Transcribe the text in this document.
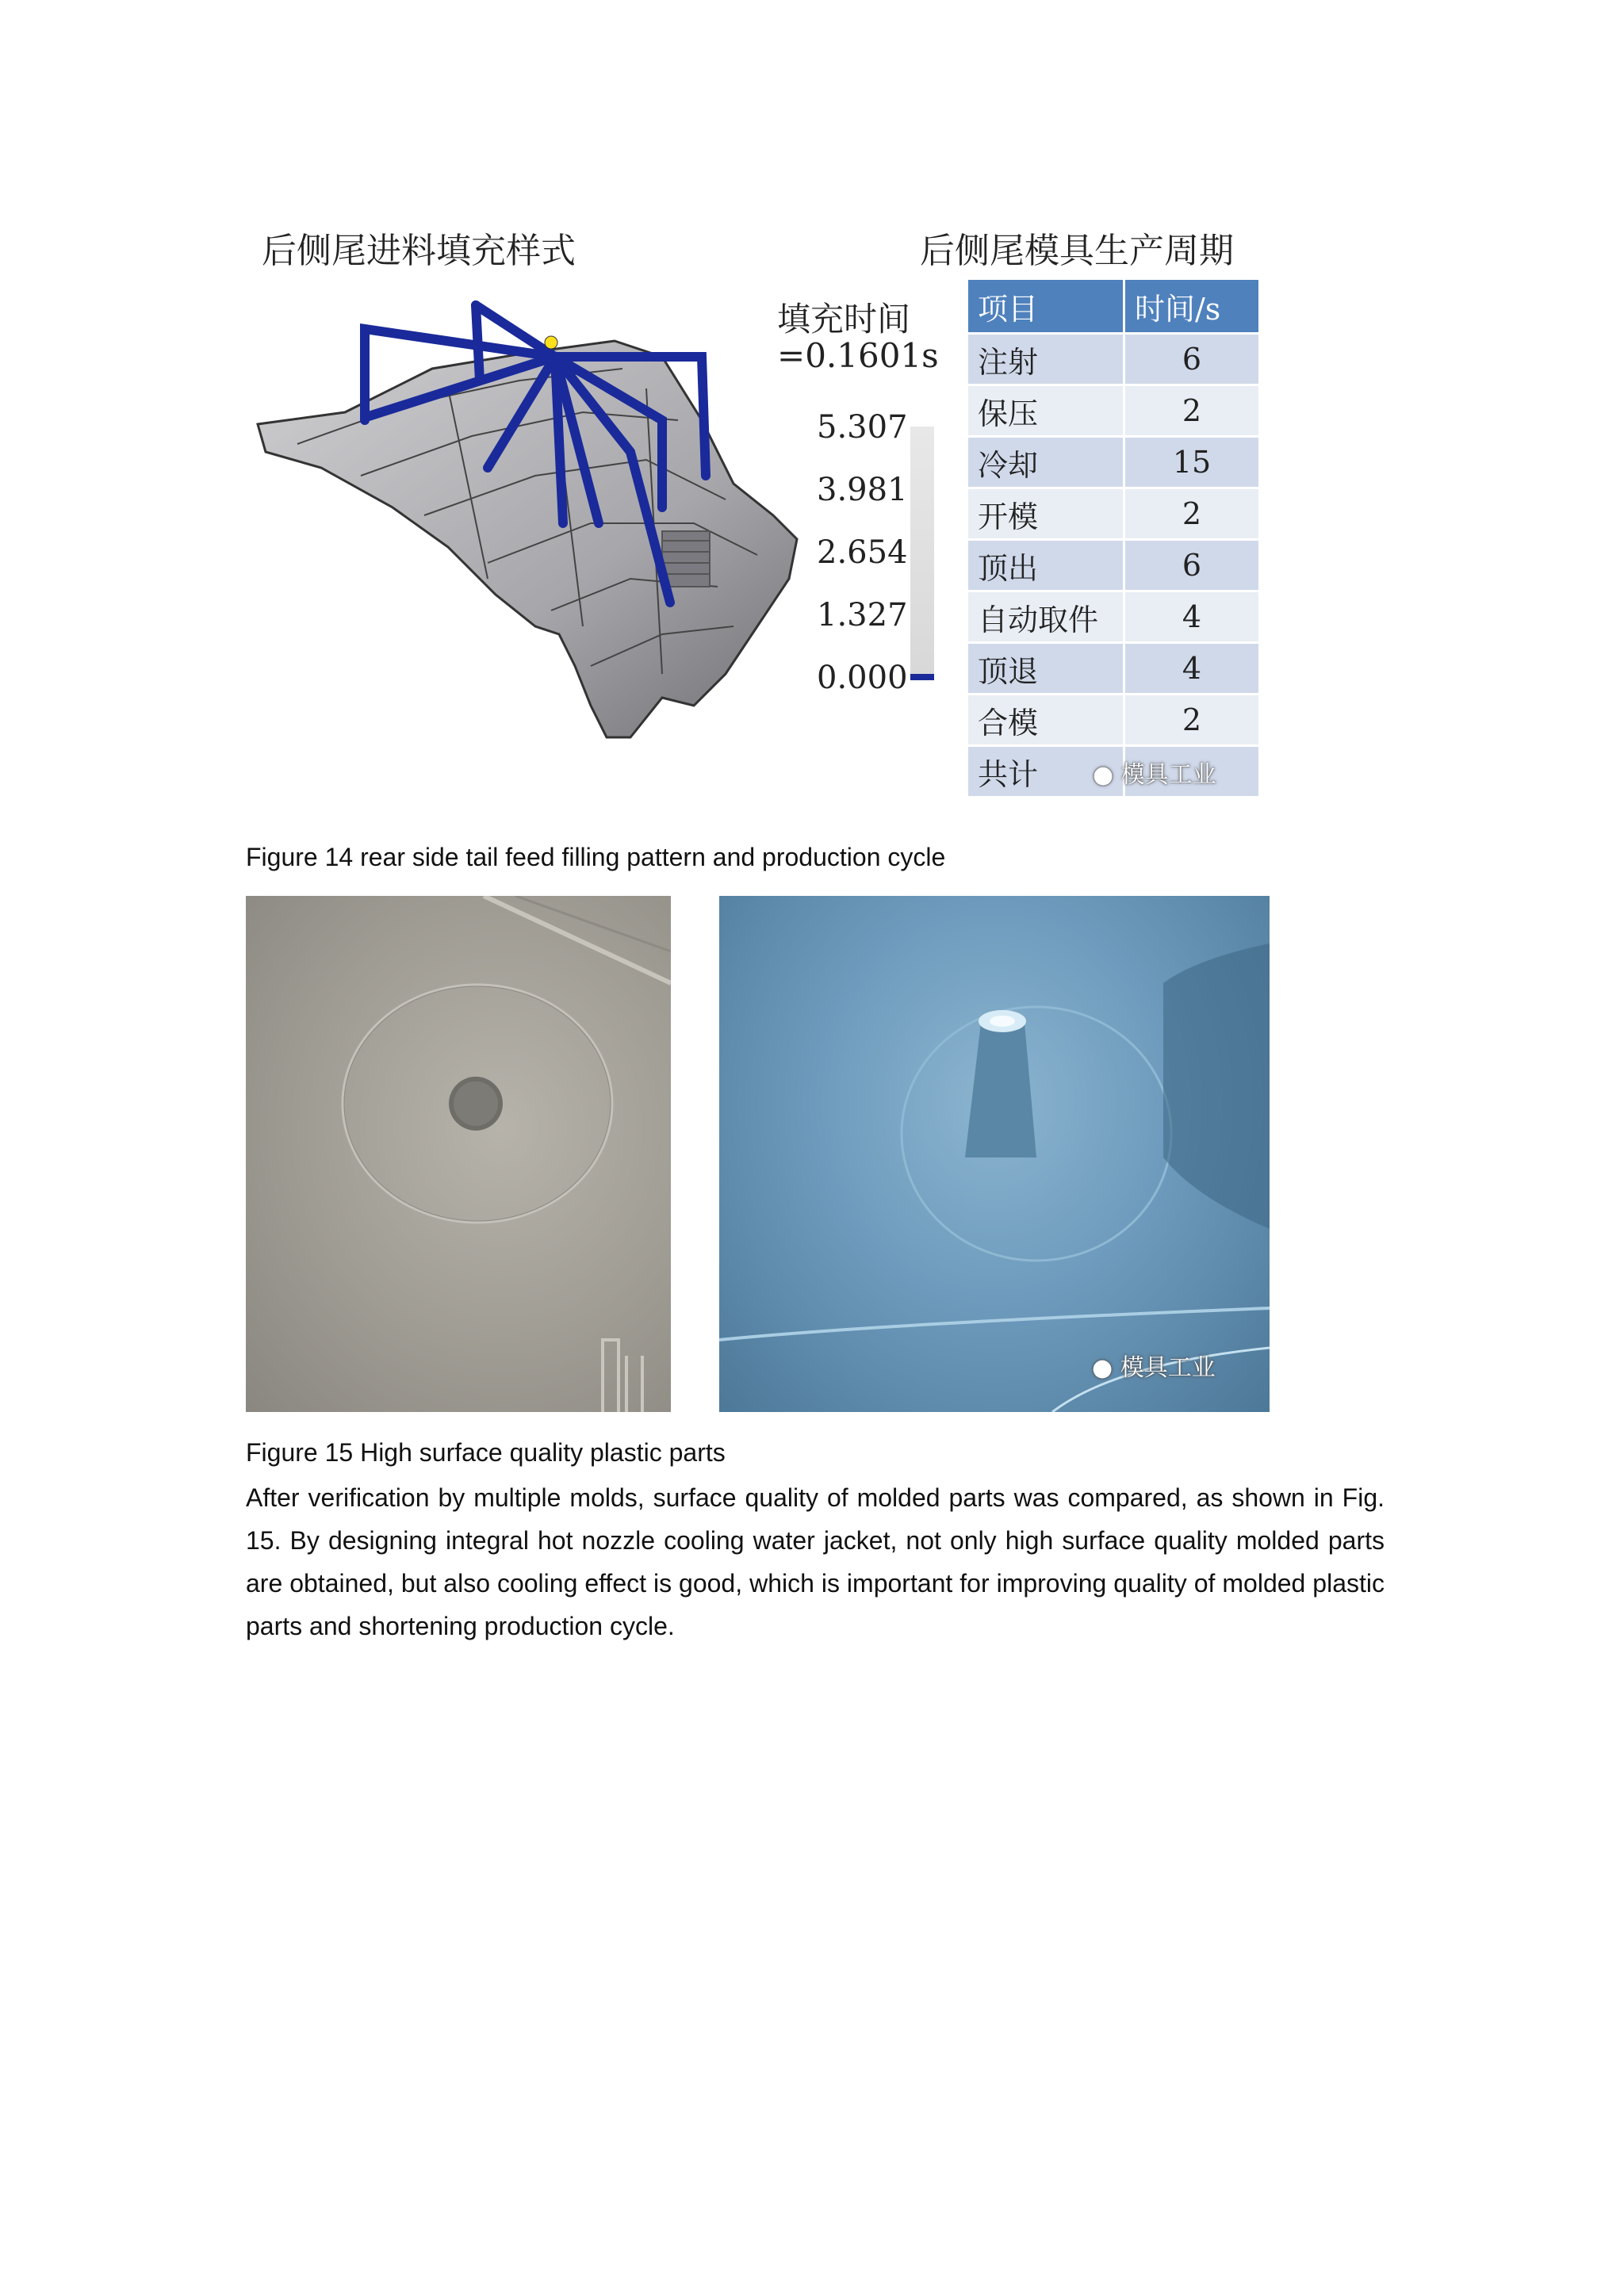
后侧尾进料填充样式	后侧尾模具生产周期
填充时间
=0.1601s
5.307
3.981
2.654
1.327
0.000
项目	时间/s
注射	6
保压	2
冷却	15
开模	2
顶出	6
自动取件	4
顶退	4
合模	2
共计	● 模具工业
Figure 14 rear side tail feed filling pattern and production cycle
● 模具工业
Figure 15 High surface quality plastic parts
After verification by multiple molds, surface quality of molded parts was compared, as shown in Fig. 15. By designing integral hot nozzle cooling water jacket, not only high surface quality molded parts are obtained, but also cooling effect is good, which is important for improving quality of molded plastic parts and shortening production cycle.
